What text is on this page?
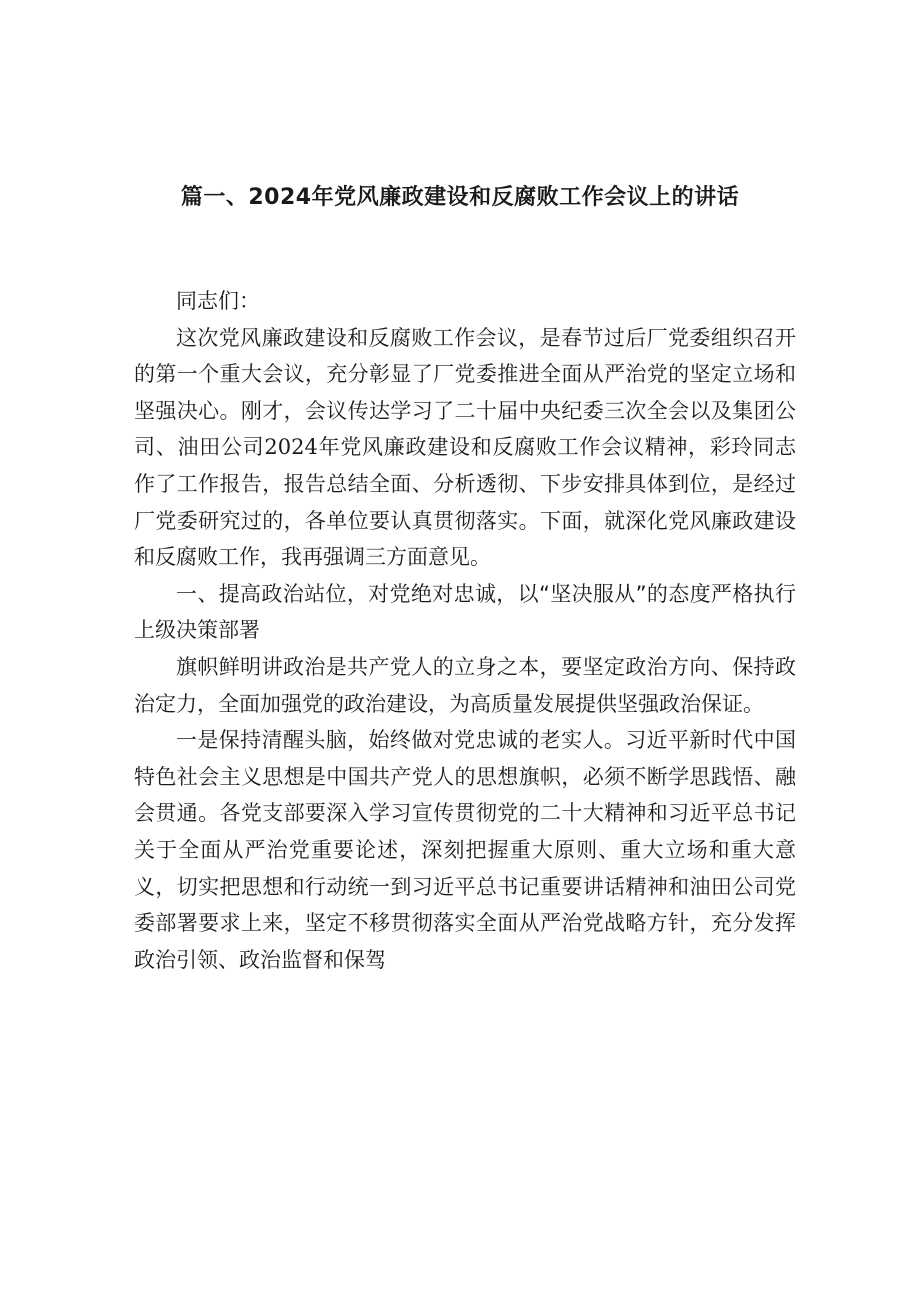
篇一、2024年党风廉政建设和反腐败工作会议上的讲话

同志们：

这次党风廉政建设和反腐败工作会议，是春节过后厂党委组织召开的第一个重大会议，充分彰显了厂党委推进全面从严治党的坚定立场和坚强决心。刚才，会议传达学习了二十届中央纪委三次全会以及集团公司、油田公司2024年党风廉政建设和反腐败工作会议精神，彩玲同志作了工作报告，报告总结全面、分析透彻、下步安排具体到位，是经过厂党委研究过的，各单位要认真贯彻落实。下面，就深化党风廉政建设和反腐败工作，我再强调三方面意见。

一、提高政治站位，对党绝对忠诚，以“坚决服从”的态度严格执行上级决策部署

旗帜鲜明讲政治是共产党人的立身之本，要坚定政治方向、保持政治定力，全面加强党的政治建设，为高质量发展提供坚强政治保证。

一是保持清醒头脑，始终做对党忠诚的老实人。习近平新时代中国特色社会主义思想是中国共产党人的思想旗帜，必须不断学思践悟、融会贯通。各党支部要深入学习宣传贯彻党的二十大精神和习近平总书记关于全面从严治党重要论述，深刻把握重大原则、重大立场和重大意义，切实把思想和行动统一到习近平总书记重要讲话精神和油田公司党委部署要求上来，坚定不移贯彻落实全面从严治党战略方针，充分发挥政治引领、政治监督和保驾
